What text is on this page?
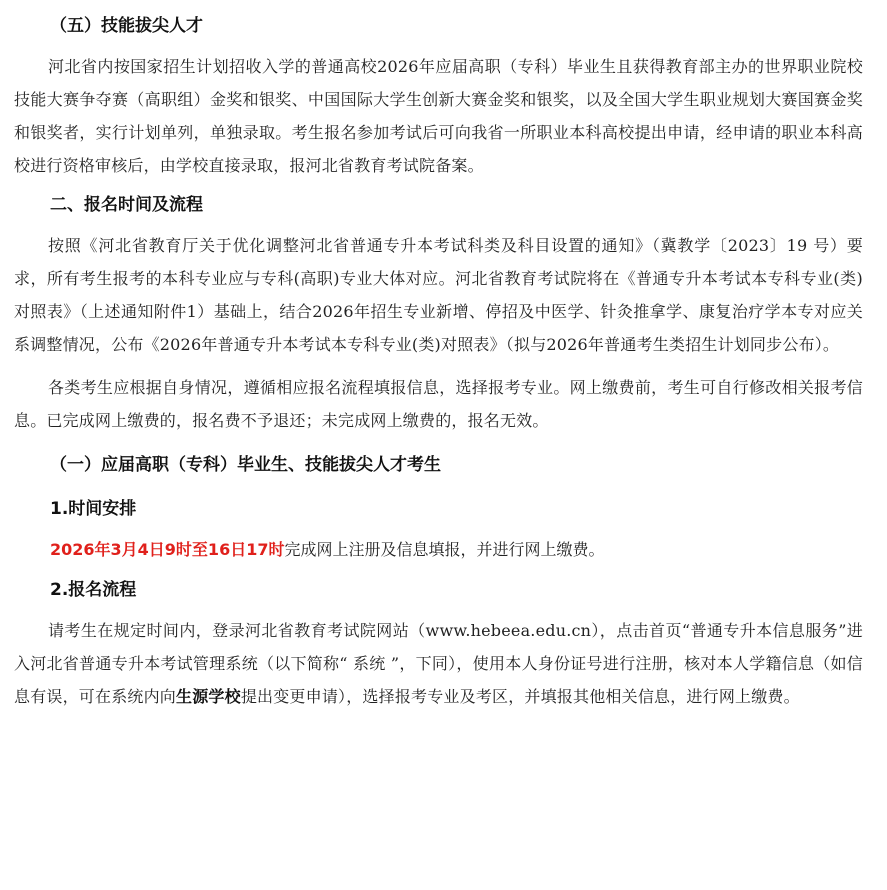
（五）技能拔尖人才

河北省内按国家招生计划招收入学的普通高校2026年应届高职（专科）毕业生且获得教育部主办的世界职业院校技能大赛争夺赛（高职组）金奖和银奖、中国国际大学生创新大赛金奖和银奖，以及全国大学生职业规划大赛国赛金奖和银奖者，实行计划单列，单独录取。考生报名参加考试后可向我省一所职业本科高校提出申请，经申请的职业本科高校进行资格审核后，由学校直接录取，报河北省教育考试院备案。

二、报名时间及流程

按照《河北省教育厅关于优化调整河北省普通专升本考试科类及科目设置的通知》（冀教学〔2023〕19 号）要求，所有考生报考的本科专业应与专科(高职)专业大体对应。河北省教育考试院将在《普通专升本考试本专科专业(类)对照表》（上述通知附件1）基础上，结合2026年招生专业新增、停招及中医学、针灸推拿学、康复治疗学本专对应关系调整情况，公布《2026年普通专升本考试本专科专业(类)对照表》（拟与2026年普通考生类招生计划同步公布）。

各类考生应根据自身情况，遵循相应报名流程填报信息，选择报考专业。网上缴费前，考生可自行修改相关报考信息。已完成网上缴费的，报名费不予退还；未完成网上缴费的，报名无效。

（一）应届高职（专科）毕业生、技能拔尖人才考生

1.时间安排

2026年3月4日9时至16日17时完成网上注册及信息填报，并进行网上缴费。

2.报名流程

请考生在规定时间内，登录河北省教育考试院网站（www.hebeea.edu.cn），点击首页“普通专升本信息服务”进入河北省普通专升本考试管理系统（以下简称“ 系统 ”，下同），使用本人身份证号进行注册，核对本人学籍信息（如信息有误，可在系统内向生源学校提出变更申请），选择报考专业及考区，并填报其他相关信息，进行网上缴费。
